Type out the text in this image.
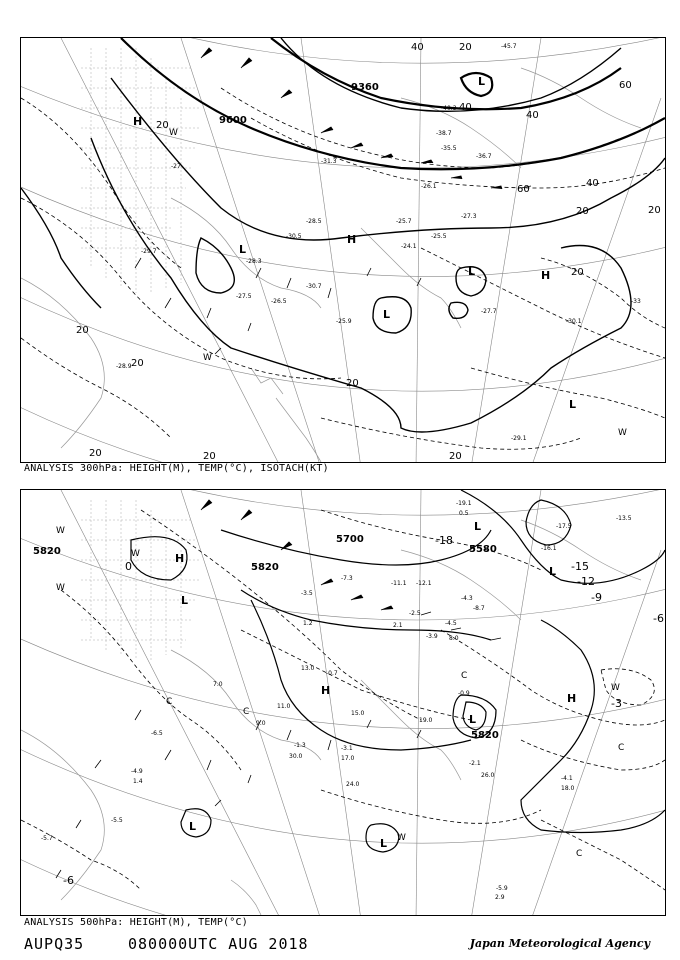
-27
-27.5
-28.3
-26.5
-25.7
-25.9
-27.7
-30.1
-29.1
-33
-35.5
-36.7
-38.7
-40.3
-45.7
-28.5
-24.1
-25.5
-30.5
-31.3
-26.1
-27.3
-29.7
-28.9
-30.7
9600
9360
20
20
20
20
20
20	20
20
20
40
40
40
40
60
60
20
20
H
H
H
L
L
L
L
L
W
W
W
ANALYSIS 300hPa: HEIGHT(M), TEMP(°C), ISOTACH(KT)
-6.5
-5.5
-4.5
-3.9
-3.1
-2.1
-1.3
-0.9
-0.7
-4.1
-5.9
-4.9
-8.7
-13.5
-17.5
-19.1
-16.1
-12.1
-11.1
-7.3
-5.7
-3.5
-2.5
-4.3
2.9
0.5
1.4
7.0
9.0
11.0
13.0
15.0
17.0
19.0
24.0
26.0
18.0
30.0
8.0
2.1
1.2
5820
5820
5700
5580
5820
-6
-18
-15
-12
-9
-6
0
-3
H
H
L
L
L
L
L
L
H
W
W
W
W
W
C
C
C
C
C
ANALYSIS 500hPa: HEIGHT(M), TEMP(°C)
AUPQ35	080000UTC AUG 2018	Japan Meteorological Agency
